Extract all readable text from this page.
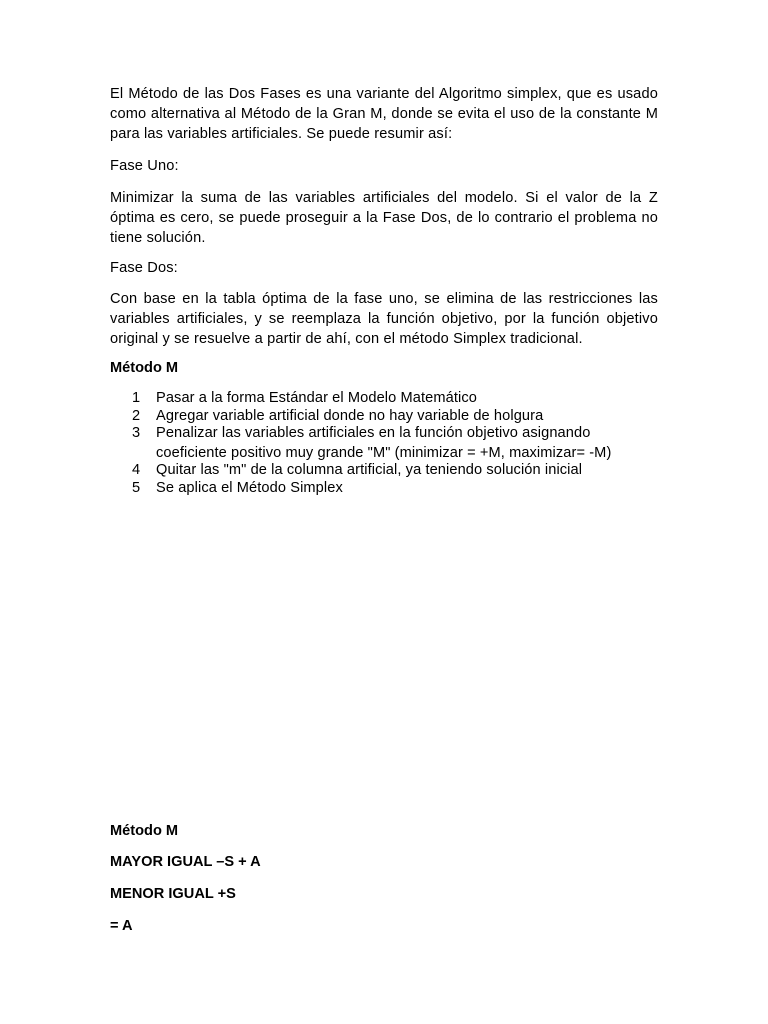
El Método de las Dos Fases es una variante del Algoritmo simplex, que es usado como alternativa al Método de la Gran M, donde se evita el uso de la constante M para las variables artificiales. Se puede resumir así:

Fase Uno:

Minimizar la suma de las variables artificiales del modelo. Si el valor de la Z óptima es cero, se puede proseguir a la Fase Dos, de lo contrario el problema no tiene solución.

Fase Dos:

Con base en la tabla óptima de la fase uno, se elimina de las restricciones las variables artificiales, y se reemplaza la función objetivo, por la función objetivo original y se resuelve a partir de ahí, con el método Simplex tradicional.

Método M

1 Pasar a la forma Estándar el Modelo Matemático
2 Agregar variable artificial donde no hay variable de holgura
3 Penalizar las variables artificiales en la función objetivo asignando
coeficiente positivo muy grande "M" (minimizar = +M, maximizar= -M)
4 Quitar las "m" de la columna artificial, ya teniendo solución inicial
5 Se aplica el Método Simplex

Método M

MAYOR IGUAL –S + A

MENOR IGUAL +S

= A
